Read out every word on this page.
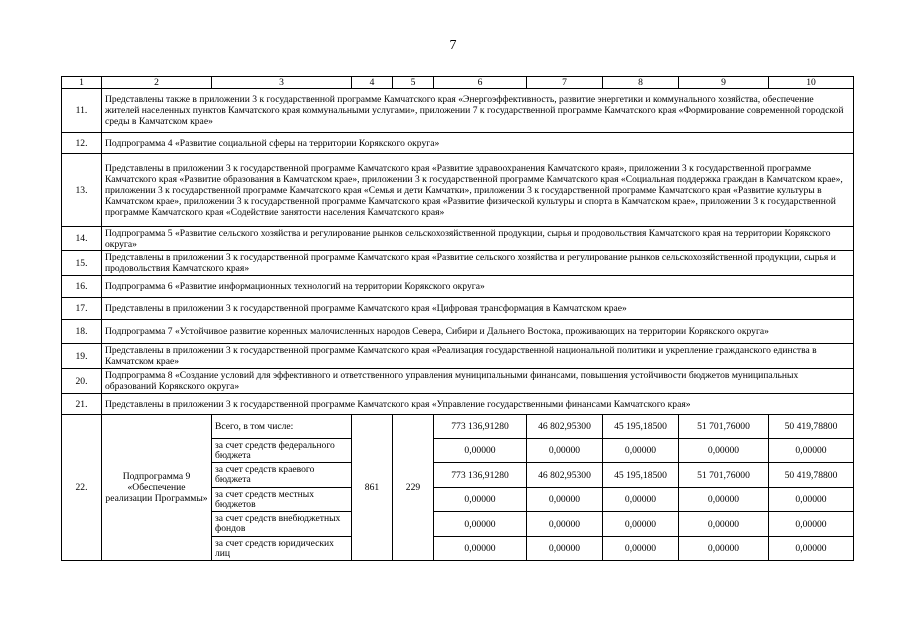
7
1	2	3	4	5	6	7	8	9	10
11.	Представлены также в приложении 3 к государственной программе Камчатского края «Энергоэффективность, развитие энергетики и коммунального хозяйства, обеспечение жителей населенных пунктов Камчатского края коммунальными услугами», приложении 7 к государственной программе Камчатского края «Формирование современной городской среды в Камчатском крае»								
12.	Подпрограмма 4 «Развитие социальной сферы на территории Корякского округа»								
13.	Представлены в приложении 3 к государственной программе Камчатского края «Развитие здравоохранения Камчатского края», приложении 3 к государственной программе Камчатского края «Развитие образования в Камчатском крае», приложении 3 к государственной программе Камчатского края «Социальная поддержка граждан в Камчатском крае», приложении 3 к государственной программе Камчатского края «Семья и дети Камчатки», приложении 3 к государственной программе Камчатского края «Развитие культуры в Камчатском крае», приложении 3 к государственной программе Камчатского края «Развитие физической культуры и спорта в Камчатском крае», приложении 3 к государственной программе Камчатского края «Содействие занятости населения Камчатского края»								
14.	Подпрограмма 5 «Развитие сельского хозяйства и регулирование рынков сельскохозяйственной продукции, сырья и продовольствия Камчатского края на территории Корякского округа»								
15.	Представлены в приложении 3 к государственной программе Камчатского края «Развитие сельского хозяйства и регулирование рынков сельскохозяйственной продукции, сырья и продовольствия Камчатского края»								
16.	Подпрограмма 6 «Развитие информационных технологий на территории Корякского округа»								
17.	Представлены в приложении 3 к государственной программе Камчатского края «Цифровая трансформация в Камчатском крае»								
18.	Подпрограмма 7 «Устойчивое развитие коренных малочисленных народов Севера, Сибири и Дальнего Востока, проживающих на территории Корякского округа»								
19.	Представлены в приложении 3 к государственной программе Камчатского края «Реализация государственной национальной политики и укрепление гражданского единства в Камчатском крае»								
20.	Подпрограмма 8 «Создание условий для эффективного и ответственного управления муниципальными финансами, повышения устойчивости бюджетов муниципальных образований Корякского округа»								
21.	Представлены в приложении 3 к государственной программе Камчатского края «Управление государственными финансами Камчатского края»								
22.	Подпрограмма 9 «Обеспечение реализации Программы»	Всего, в том числе:	861	229	773 136,91280	46 802,95300	45 195,18500	51 701,76000	50 419,78800
		за счет средств федерального бюджета			0,00000	0,00000	0,00000	0,00000	0,00000
		за счет средств краевого бюджета			773 136,91280	46 802,95300	45 195,18500	51 701,76000	50 419,78800
		за счет средств местных бюджетов			0,00000	0,00000	0,00000	0,00000	0,00000
		за счет средств внебюджетных фондов			0,00000	0,00000	0,00000	0,00000	0,00000
		за счет средств юридических лиц			0,00000	0,00000	0,00000	0,00000	0,00000
